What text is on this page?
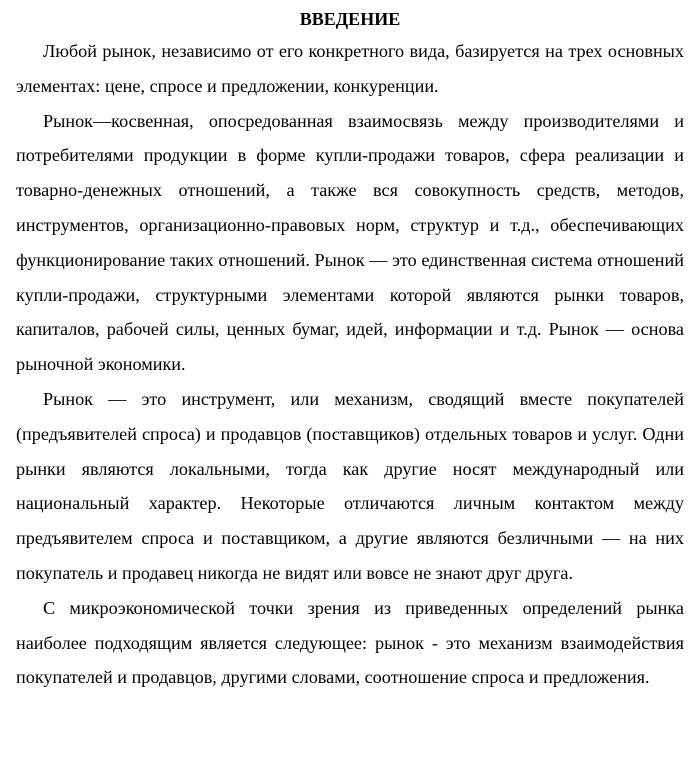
ВВЕДЕНИЕ

Любой рынок, независимо от его конкретного вида, базируется на трех основных элементах: цене, спросе и предложении, конкуренции.

Рынок—косвенная, опосредованная взаимосвязь между производителями и потребителями продукции в форме купли-продажи товаров, сфера реализации и товарно-денежных отношений, а также вся совокупность средств, методов, инструментов, организационно-правовых норм, структур и т.д., обеспечивающих функционирование таких отношений. Рынок — это единственная система отношений купли-продажи, структурными элементами которой являются рынки товаров, капиталов, рабочей силы, ценных бумаг, идей, информации и т.д. Рынок — основа рыночной экономики.

Рынок — это инструмент, или механизм, сводящий вместе покупателей (предъявителей спроса) и продавцов (поставщиков) отдельных товаров и услуг. Одни рынки являются локальными, тогда как другие носят международный или национальный характер. Некоторые отличаются личным контактом между предъявителем спроса и поставщиком, а другие являются безличными — на них покупатель и продавец никогда не видят или вовсе не знают друг друга.

С микроэкономической точки зрения из приведенных определений рынка наиболее подходящим является следующее: рынок - это механизм взаимодействия покупателей и продавцов, другими словами, соотношение спроса и предложения.
